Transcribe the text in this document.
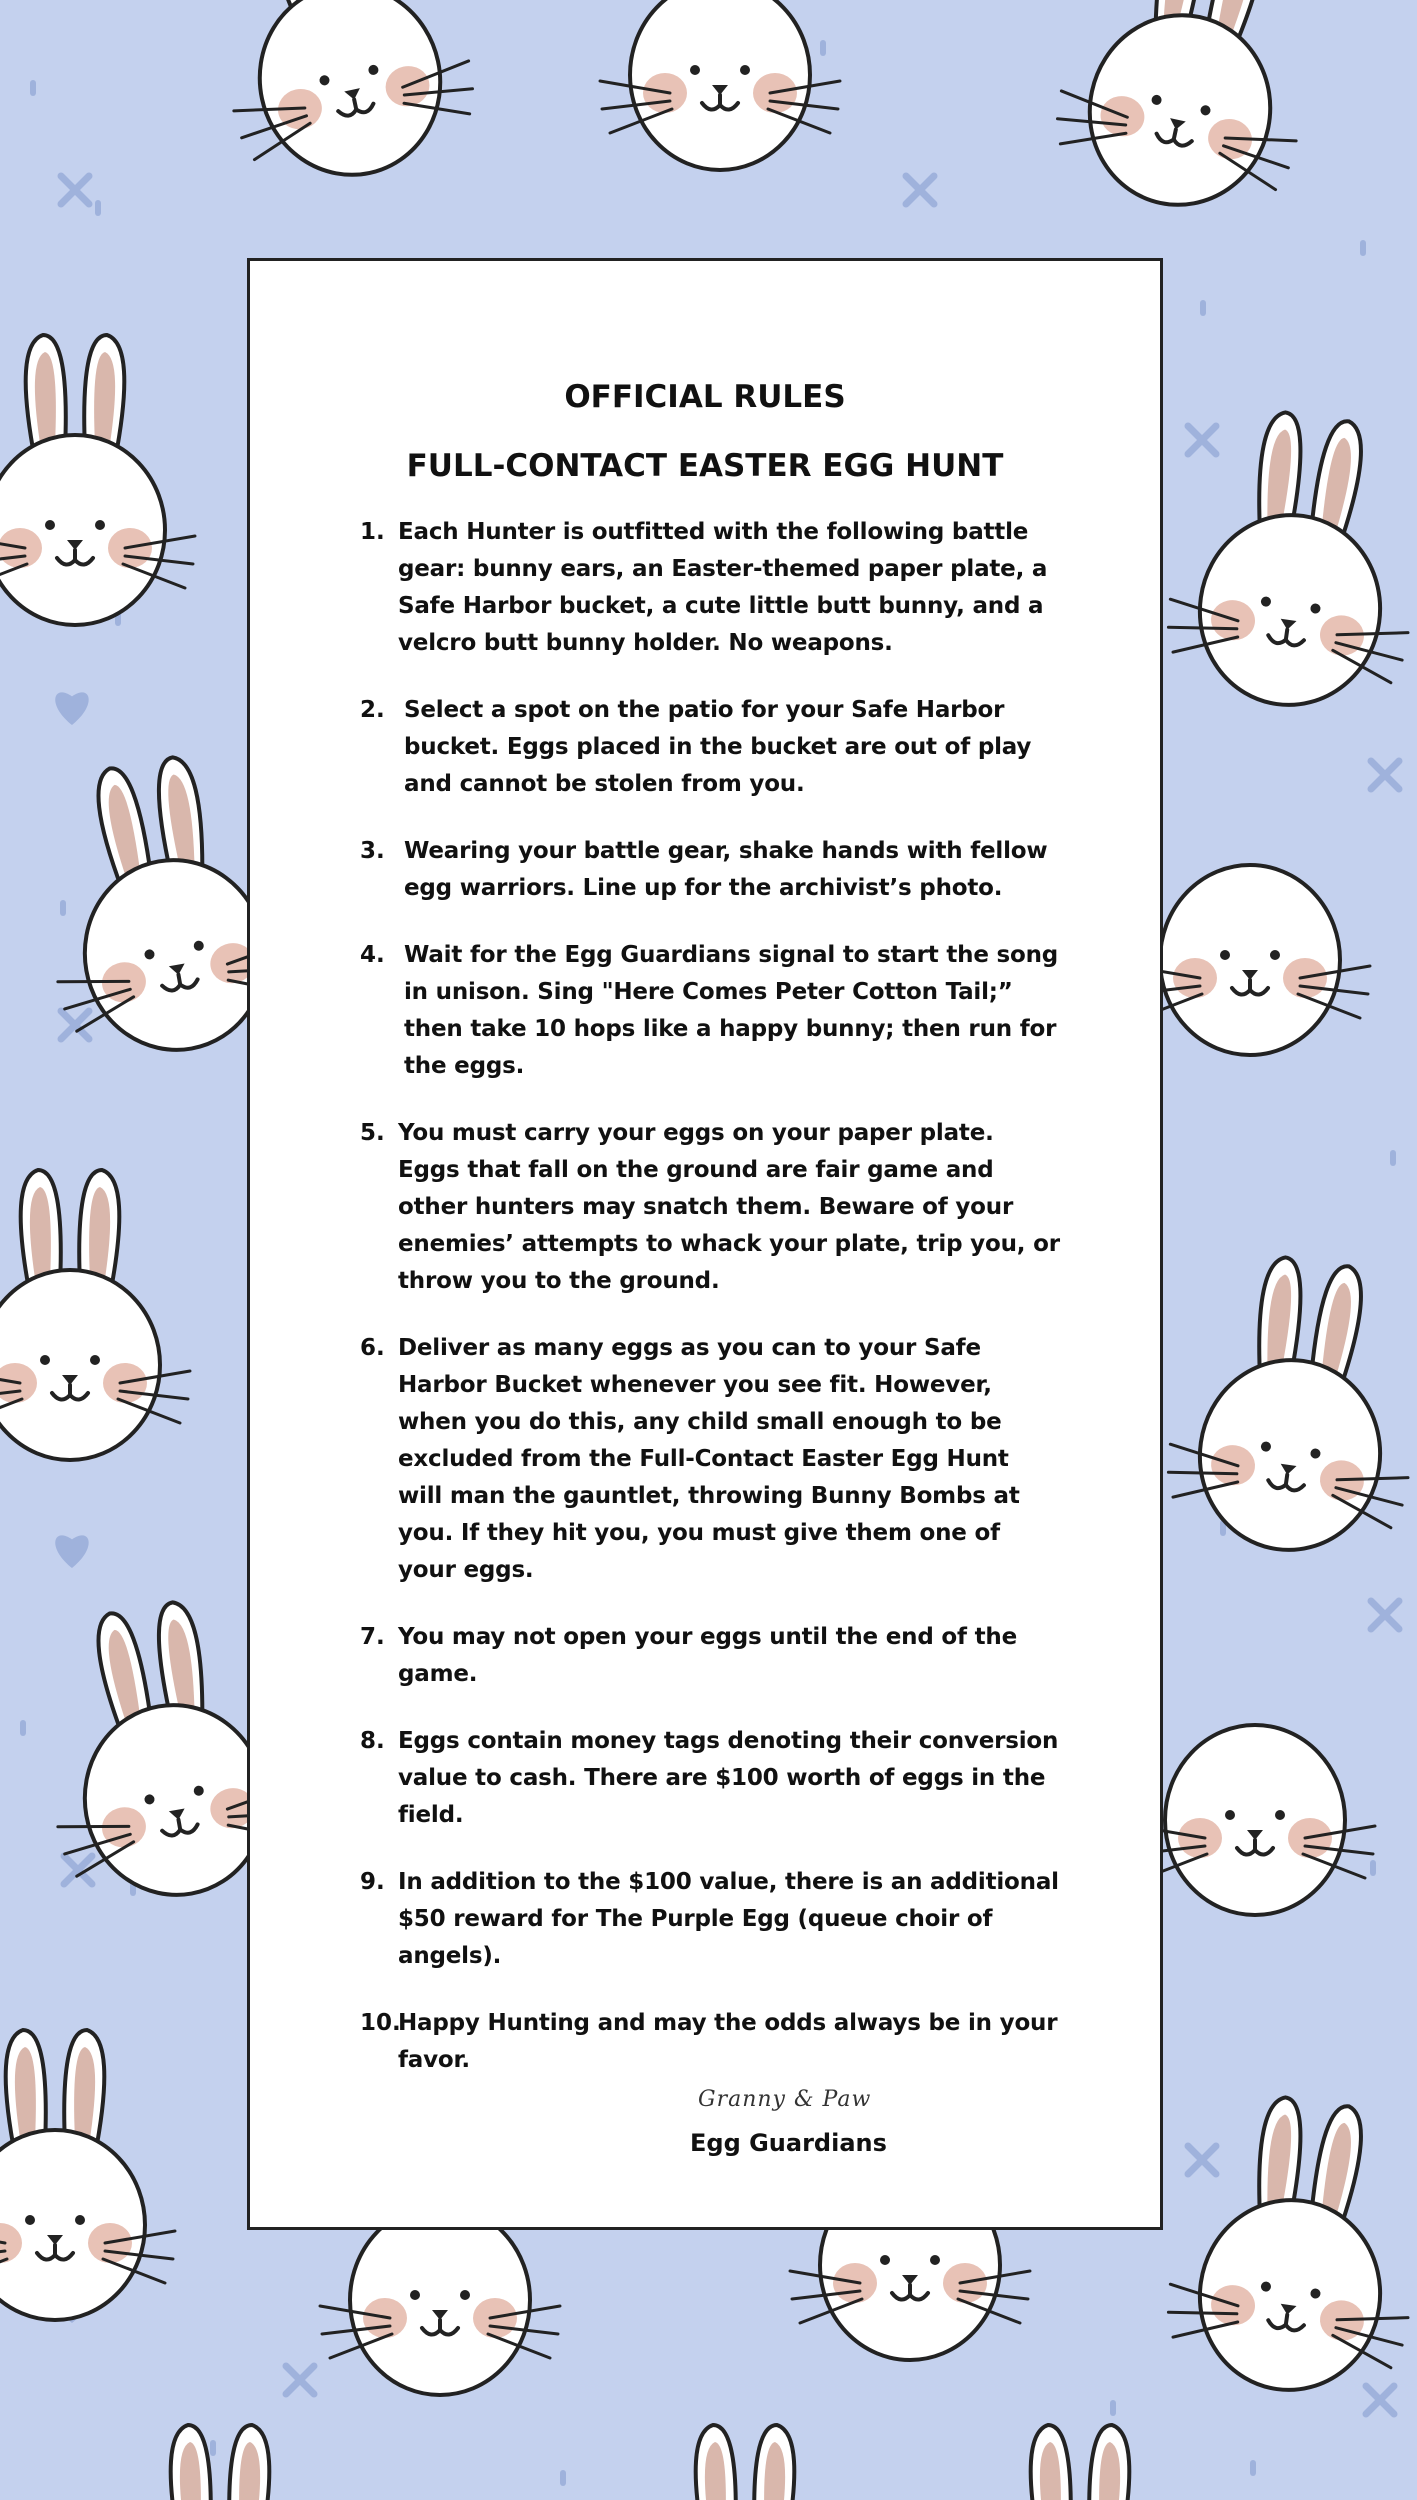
OFFICIAL RULES
FULL-CONTACT EASTER EGG HUNT
1. Each Hunter is outfitted with the following battle gear: bunny ears, an Easter-themed paper plate, a Safe Harbor bucket, a cute little butt bunny, and a velcro butt bunny holder. No weapons.
2. Select a spot on the patio for your Safe Harbor bucket. Eggs placed in the bucket are out of play and cannot be stolen from you.
3. Wearing your battle gear, shake hands with fellow egg warriors. Line up for the archivist’s photo.
4. Wait for the Egg Guardians signal to start the song in unison. Sing "Here Comes Peter Cotton Tail;” then take 10 hops like a happy bunny; then run for the eggs.
5. You must carry your eggs on your paper plate. Eggs that fall on the ground are fair game and other hunters may snatch them. Beware of your enemies’ attempts to whack your plate, trip you, or throw you to the ground.
6. Deliver as many eggs as you can to your Safe Harbor Bucket whenever you see fit. However, when you do this, any child small enough to be excluded from the Full-Contact Easter Egg Hunt will man the gauntlet, throwing Bunny Bombs at you. If they hit you, you must give them one of your eggs.
7. You may not open your eggs until the end of the game.
8. Eggs contain money tags denoting their conversion value to cash. There are $100 worth of eggs in the field.
9. In addition to the $100 value, there is an additional $50 reward for The Purple Egg (queue choir of angels).
10.
Happy Hunting and may the odds always be in your favor.
Granny & Paw
Egg Guardians
